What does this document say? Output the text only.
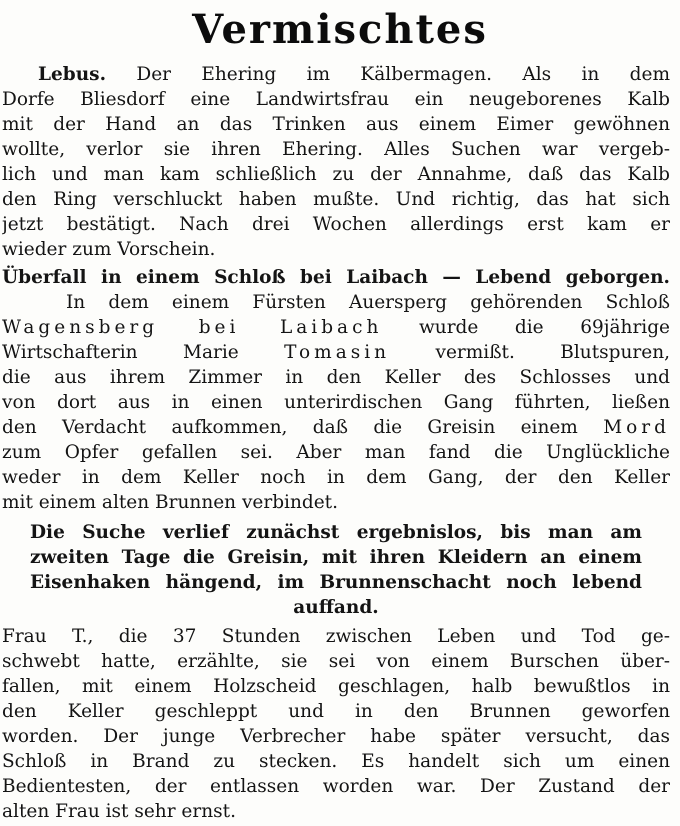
Vermischtes
Lebus. Der Ehering im Kälbermagen. Als in dem
Dorfe Bliesdorf eine Landwirtsfrau ein neugeborenes Kalb
mit der Hand an das Trinken aus einem Eimer gewöhnen
wollte, verlor sie ihren Ehering. Alles Suchen war vergeb-
lich und man kam schließlich zu der Annahme, daß das Kalb
den Ring verschluckt haben mußte. Und richtig, das hat sich
jetzt bestätigt. Nach drei Wochen allerdings erst kam er
wieder zum Vorschein.
Überfall in einem Schloß bei Laibach — Lebend geborgen.
In dem einem Fürsten Auersperg gehörenden Schloß
Wagensberg bei Laibach wurde die 69jährige
Wirtschafterin Marie Tomasin vermißt. Blutspuren,
die aus ihrem Zimmer in den Keller des Schlosses und
von dort aus in einen unterirdischen Gang führten, ließen
den Verdacht aufkommen, daß die Greisin einem Mord
zum Opfer gefallen sei. Aber man fand die Unglückliche
weder in dem Keller noch in dem Gang, der den Keller
mit einem alten Brunnen verbindet.
Die Suche verlief zunächst ergebnislos, bis man am
zweiten Tage die Greisin, mit ihren Kleidern an einem
Eisenhaken hängend, im Brunnenschacht noch lebend
auffand.
Frau T., die 37 Stunden zwischen Leben und Tod ge-
schwebt hatte, erzählte, sie sei von einem Burschen über-
fallen, mit einem Holzscheid geschlagen, halb bewußtlos in
den Keller geschleppt und in den Brunnen geworfen
worden. Der junge Verbrecher habe später versucht, das
Schloß in Brand zu stecken. Es handelt sich um einen
Bedientesten, der entlassen worden war. Der Zustand der
alten Frau ist sehr ernst.
